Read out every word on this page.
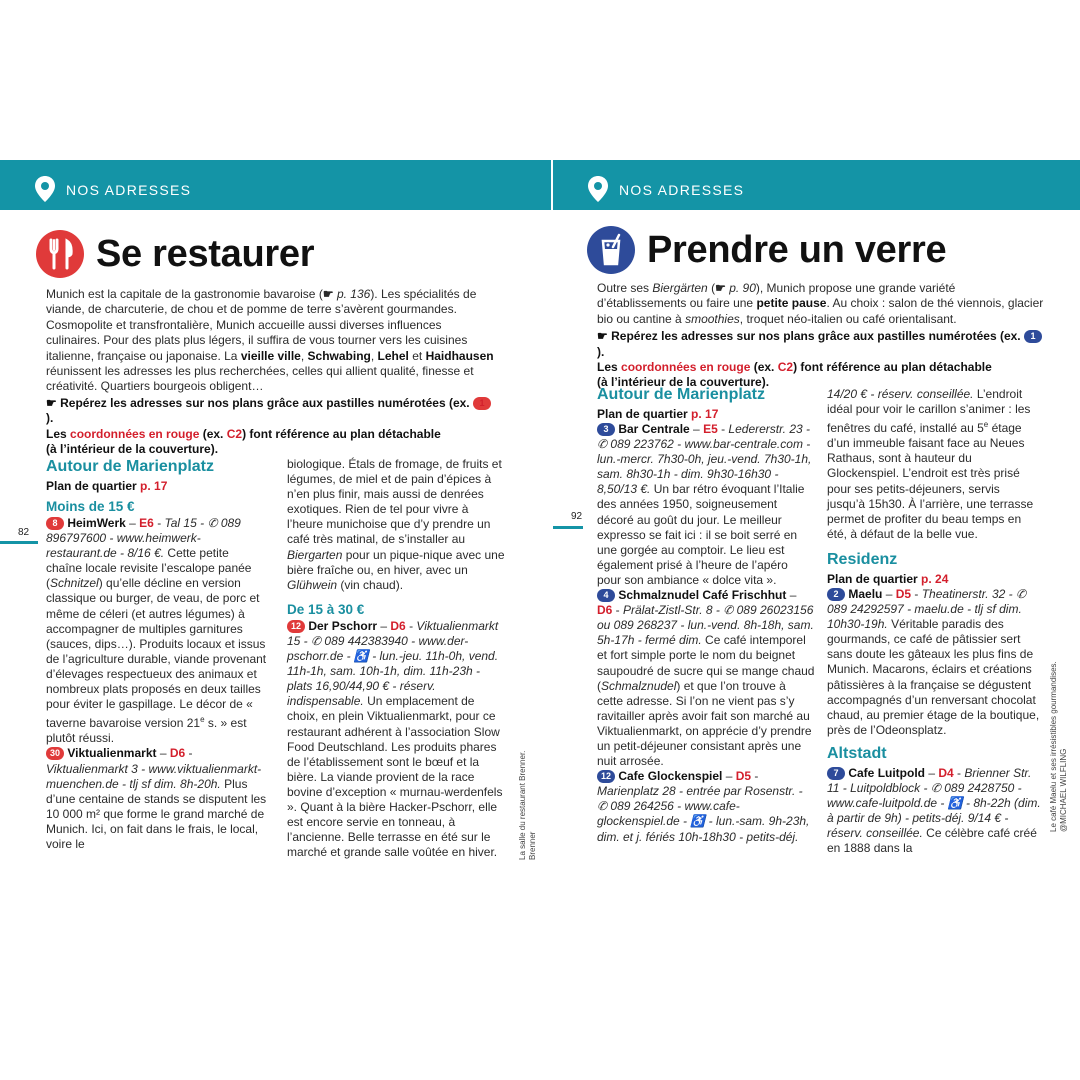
NOS ADRESSES
Se restaurer

Munich est la capitale de la gastronomie bavaroise (☛ p. 136). Les spécialités de viande, de charcuterie, de chou et de pomme de terre s’avèrent gourmandes. Cosmopolite et transfrontalière, Munich accueille aussi diverses influences culinaires. Pour des plats plus légers, il suffira de vous tourner vers les cuisines italienne, française ou japonaise. La vieille ville, Schwabing, Lehel et Haidhausen réunissent les adresses les plus recherchées, celles qui allient qualité, finesse et créativité. Quartiers bourgeois obligent…

☛ Repérez les adresses sur nos plans grâce aux pastilles numérotées (ex. 1).
Les coordonnées en rouge (ex. C2) font référence au plan détachable
(à l’intérieur de la couverture).

Autour de Marienplatz
Plan de quartier p. 17
Moins de 15 €
8 HeimWerk – E6 - Tal 15 - ✆ 089 896797600 - www.heimwerk-restaurant.de - 8/16 €. Cette petite chaîne locale revisite l’escalope panée (Schnitzel) qu’elle décline en version classique ou burger, de veau, de porc et même de céleri (et autres légumes) à accompagner de multiples garnitures (sauces, dips…). Produits locaux et issus de l’agriculture durable, viande provenant d’élevages respectueux des animaux et nombreux plats proposés en deux tailles pour éviter le gaspillage. Le décor de « taverne bavaroise version 21e s. » est plutôt réussi.
30 Viktualienmarkt – D6 - Viktualienmarkt 3 - www.viktualienmarkt-muenchen.de - tlj sf dim. 8h-20h. Plus d’une centaine de stands se disputent les 10 000 m² que forme le grand marché de Munich. Ici, on fait dans le frais, le local, voire le
biologique. Étals de fromage, de fruits et légumes, de miel et de pain d’épices à n’en plus finir, mais aussi de denrées exotiques. Rien de tel pour vivre à l’heure munichoise que d’y prendre un café très matinal, de s’installer au Biergarten pour un pique-nique avec une bière fraîche ou, en hiver, avec un Glühwein (vin chaud).
De 15 à 30 €
12 Der Pschorr – D6 - Viktualienmarkt 15 - ✆ 089 442383940 - www.der-pschorr.de - ♿ - lun.-jeu. 11h-0h, vend. 11h-1h, sam. 10h-1h, dim. 11h-23h - plats 16,90/44,90 € - réserv. indispensable. Un emplacement de choix, en plein Viktualienmarkt, pour ce restaurant adhérent à l’association Slow Food Deutschland. Les produits phares de l’établissement sont le bœuf et la bière. La viande provient de la race bovine d’exception « murnau-werdenfels ». Quant à la bière Hacker-Pschorr, elle est encore servie en tonneau, à l’ancienne. Belle terrasse en été sur le marché et grande salle voûtée en hiver.
82
La salle du restaurant Brenner.
Brenner
NOS ADRESSES
Prendre un verre

Outre ses Biergärten (☛ p. 90), Munich propose une grande variété d’établissements ou faire une petite pause. Au choix : salon de thé viennois, glacier bio ou cantine à smoothies, troquet néo-italien ou café orientalisant.

☛ Repérez les adresses sur nos plans grâce aux pastilles numérotées (ex. 1).
Les coordonnées en rouge (ex. C2) font référence au plan détachable
(à l’intérieur de la couverture).

Autour de Marienplatz
Plan de quartier p. 17
3 Bar Centrale – E5 - Ledererstr. 23 - ✆ 089 223762 - www.bar-centrale.com - lun.-mercr. 7h30-0h, jeu.-vend. 7h30-1h, sam. 8h30-1h - dim. 9h30-16h30 - 8,50/13 €. Un bar rétro évoquant l’Italie des années 1950, soigneusement décoré au goût du jour. Le meilleur expresso se fait ici : il se boit serré en une gorgée au comptoir. Le lieu est également prisé à l’heure de l’apéro pour son ambiance « dolce vita ».
4 Schmalznudel Café Frischhut – D6 - Prälat-Zistl-Str. 8 - ✆ 089 26023156 ou 089 268237 - lun.-vend. 8h-18h, sam. 5h-17h - fermé dim. Ce café intemporel et fort simple porte le nom du beignet saupoudré de sucre qui se mange chaud (Schmalznudel) et que l’on trouve à cette adresse. Si l’on ne vient pas s’y ravitailler après avoir fait son marché au Viktualienmarkt, on apprécie d’y prendre un petit-déjeuner consistant après une nuit arrosée.
12 Cafe Glockenspiel – D5 - Marienplatz 28 - entrée par Rosenstr. - ✆ 089 264256 - www.cafe-glockenspiel.de - ♿ - lun.-sam. 9h-23h, dim. et j. fériés 10h-18h30 - petits-déj.
14/20 € - réserv. conseillée. L’endroit idéal pour voir le carillon s’animer : les fenêtres du café, installé au 5e étage d’un immeuble faisant face au Neues Rathaus, sont à hauteur du Glockenspiel. L’endroit est très prisé pour ses petits-déjeuners, servis jusqu’à 15h30. À l’arrière, une terrasse permet de profiter du beau temps en été, à défaut de la belle vue.
Residenz
Plan de quartier p. 24
2 Maelu – D5 - Theatinerstr. 32 - ✆ 089 24292597 - maelu.de - tlj sf dim. 10h30-19h. Véritable paradis des gourmands, ce café de pâtissier sert sans doute les gâteaux les plus fins de Munich. Macarons, éclairs et créations pâtissières à la française se dégustent accompagnés d’un renversant chocolat chaud, au premier étage de la boutique, près de l’Odeonsplatz.
Altstadt
7 Cafe Luitpold – D4 - Brienner Str. 11 - Luitpoldblock - ✆ 089 2428750 - www.cafe-luitpold.de - ♿ - 8h-22h (dim. à partir de 9h) - petits-déj. 9/14 € - réserv. conseillée. Ce célèbre café créé en 1888 dans la
92
Le café Maelu et ses irrésistibles gourmandises.
@MICHAEL WILFLING
